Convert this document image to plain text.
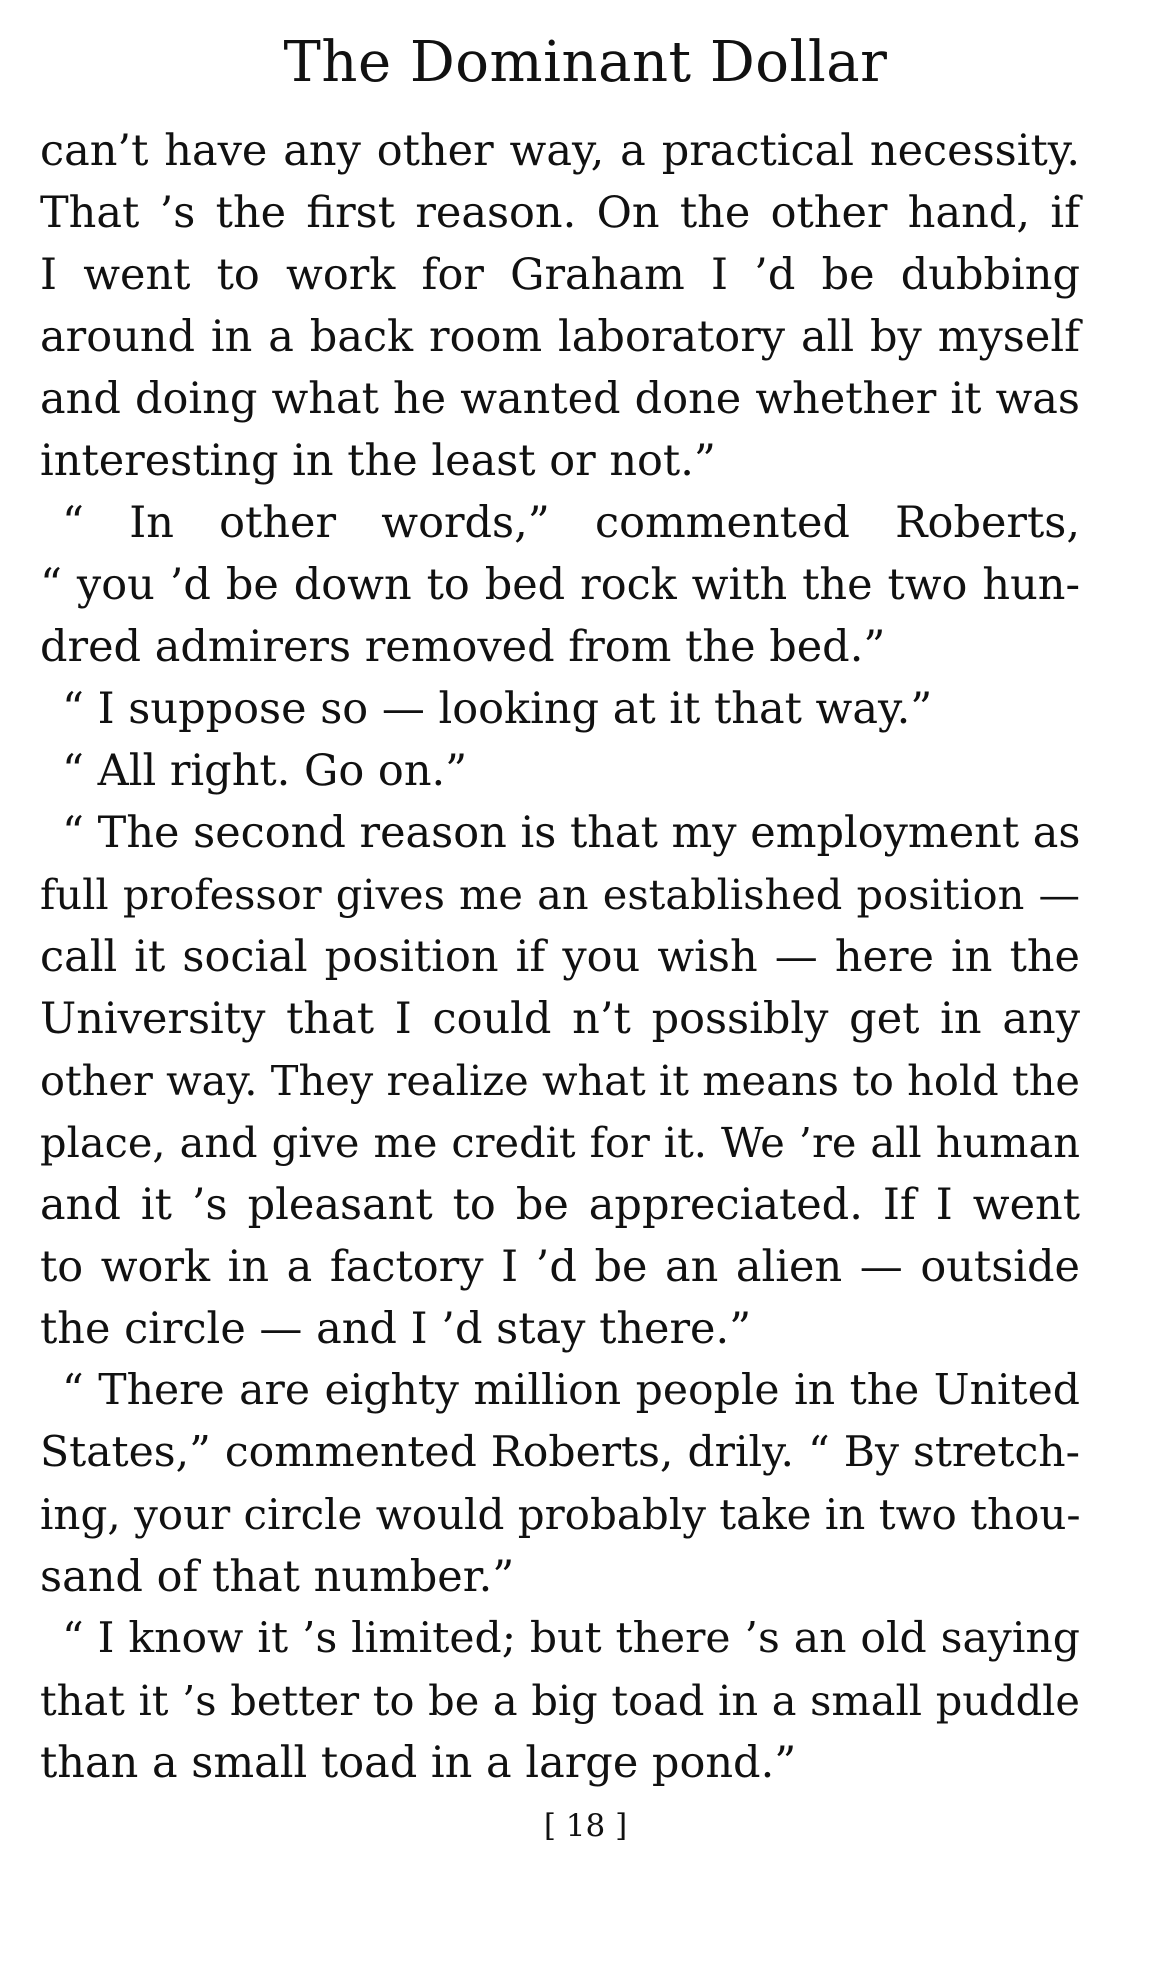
The Dominant Dollar
can’t have any other way, a practical necessity.
That ’s the first reason. On the other hand, if
I went to work for Graham I ’d be dubbing
around in a back room laboratory all by myself
and doing what he wanted done whether it was
interesting in the least or not.”
“ In other words,” commented Roberts,
“ you ’d be down to bed rock with the two hun-
dred admirers removed from the bed.”
“ I suppose so — looking at it that way.”
“ All right. Go on.”
“ The second reason is that my employment as
full professor gives me an established position —
call it social position if you wish — here in the
University that I could n’t possibly get in any
other way. They realize what it means to hold the
place, and give me credit for it. We ’re all human
and it ’s pleasant to be appreciated. If I went
to work in a factory I ’d be an alien — outside
the circle — and I ’d stay there.”
“ There are eighty million people in the United
States,” commented Roberts, drily. “ By stretch-
ing, your circle would probably take in two thou-
sand of that number.”
“ I know it ’s limited; but there ’s an old saying
that it ’s better to be a big toad in a small puddle
than a small toad in a large pond.”
[ 18 ]
